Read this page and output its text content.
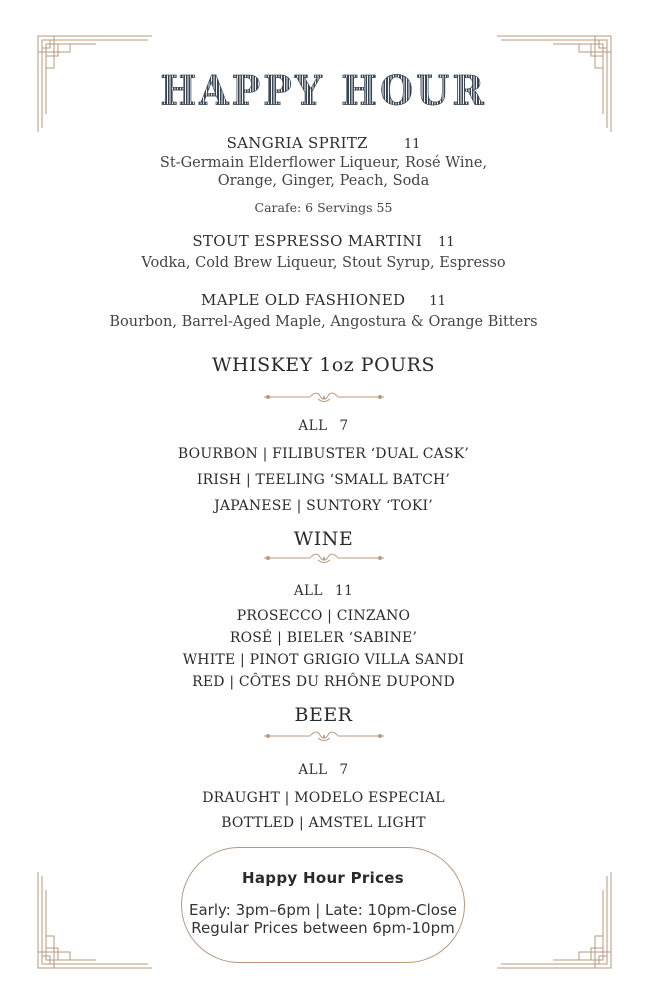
HAPPY HOUR
SANGRIA SPRITZ	11
St-Germain Elderflower Liqueur, Rosé Wine,
Orange, Ginger, Peach, Soda
Carafe: 6 Servings 55
STOUT ESPRESSO MARTINI 11
Vodka, Cold Brew Liqueur, Stout Syrup, Espresso
MAPLE OLD FASHIONED 11
Bourbon, Barrel-Aged Maple, Angostura & Orange Bitters
WHISKEY 1oz POURS
ALL 7
BOURBON | FILIBUSTER ‘DUAL CASK’
IRISH | TEELING ‘SMALL BATCH’
JAPANESE | SUNTORY ‘TOKI’
WINE
ALL 11
PROSECCO | CINZANO
ROSÉ | BIELER ‘SABINE’
WHITE | PINOT GRIGIO VILLA SANDI
RED | CÔTES DU RHÔNE DUPOND
BEER
ALL 7
DRAUGHT | MODELO ESPECIAL
BOTTLED | AMSTEL LIGHT
Happy Hour Prices
Early: 3pm–6pm | Late: 10pm-Close
Regular Prices between 6pm-10pm
